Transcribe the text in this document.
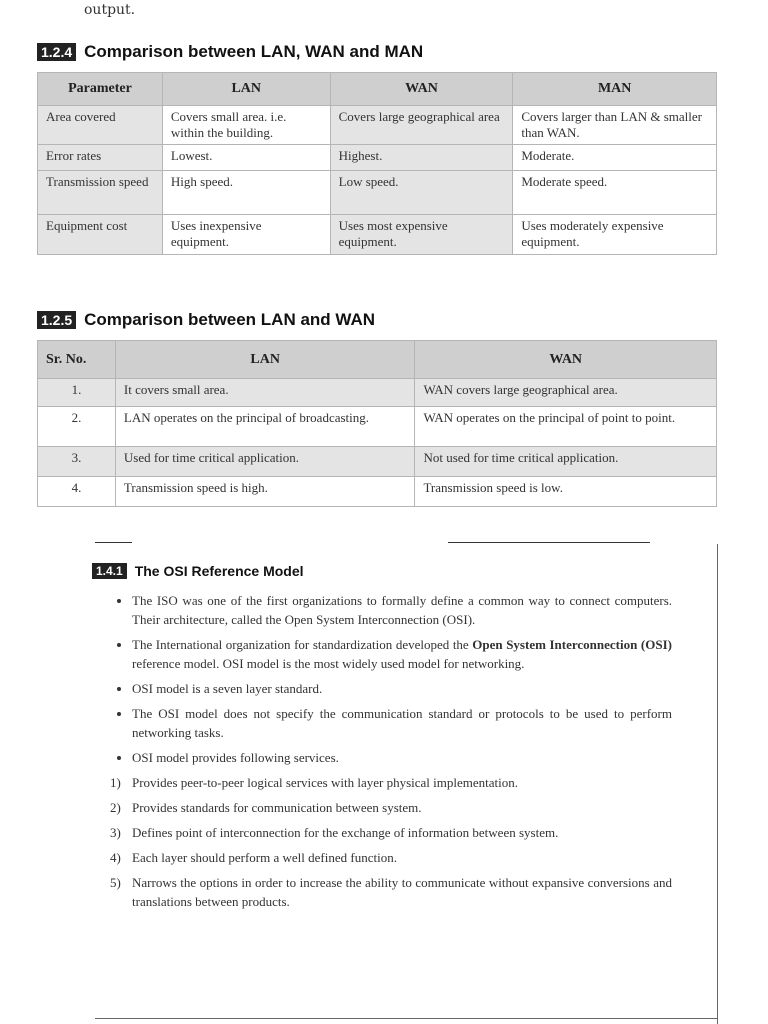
output.
1.2.4 Comparison between LAN, WAN and MAN
Parameter	LAN	WAN	MAN
Area covered	Covers small area. i.e. within the building.	Covers large geographical area	Covers larger than LAN & smaller than WAN.
Error rates	Lowest.	Highest.	Moderate.
Transmission speed	High speed.	Low speed.	Moderate speed.
Equipment cost	Uses inexpensive equipment.	Uses most expensive equipment.	Uses moderately expensive equipment.
1.2.5 Comparison between LAN and WAN
Sr. No.	LAN	WAN
1.	It covers small area.	WAN covers large geographical area.
2.	LAN operates on the principal of broadcasting.	WAN operates on the principal of point to point.
3.	Used for time critical application.	Not used for time critical application.
4.	Transmission speed is high.	Transmission speed is low.
1.4.1 The OSI Reference Model
• The ISO was one of the first organizations to formally define a common way to connect computers. Their architecture, called the Open System Interconnection (OSI).
• The International organization for standardization developed the Open System Interconnection (OSI) reference model. OSI model is the most widely used model for networking.
• OSI model is a seven layer standard.
• The OSI model does not specify the communication standard or protocols to be used to perform networking tasks.
• OSI model provides following services.
1) Provides peer-to-peer logical services with layer physical implementation.
2) Provides standards for communication between system.
3) Defines point of interconnection for the exchange of information between system.
4) Each layer should perform a well defined function.
5) Narrows the options in order to increase the ability to communicate without expansive conversions and translations between products.
